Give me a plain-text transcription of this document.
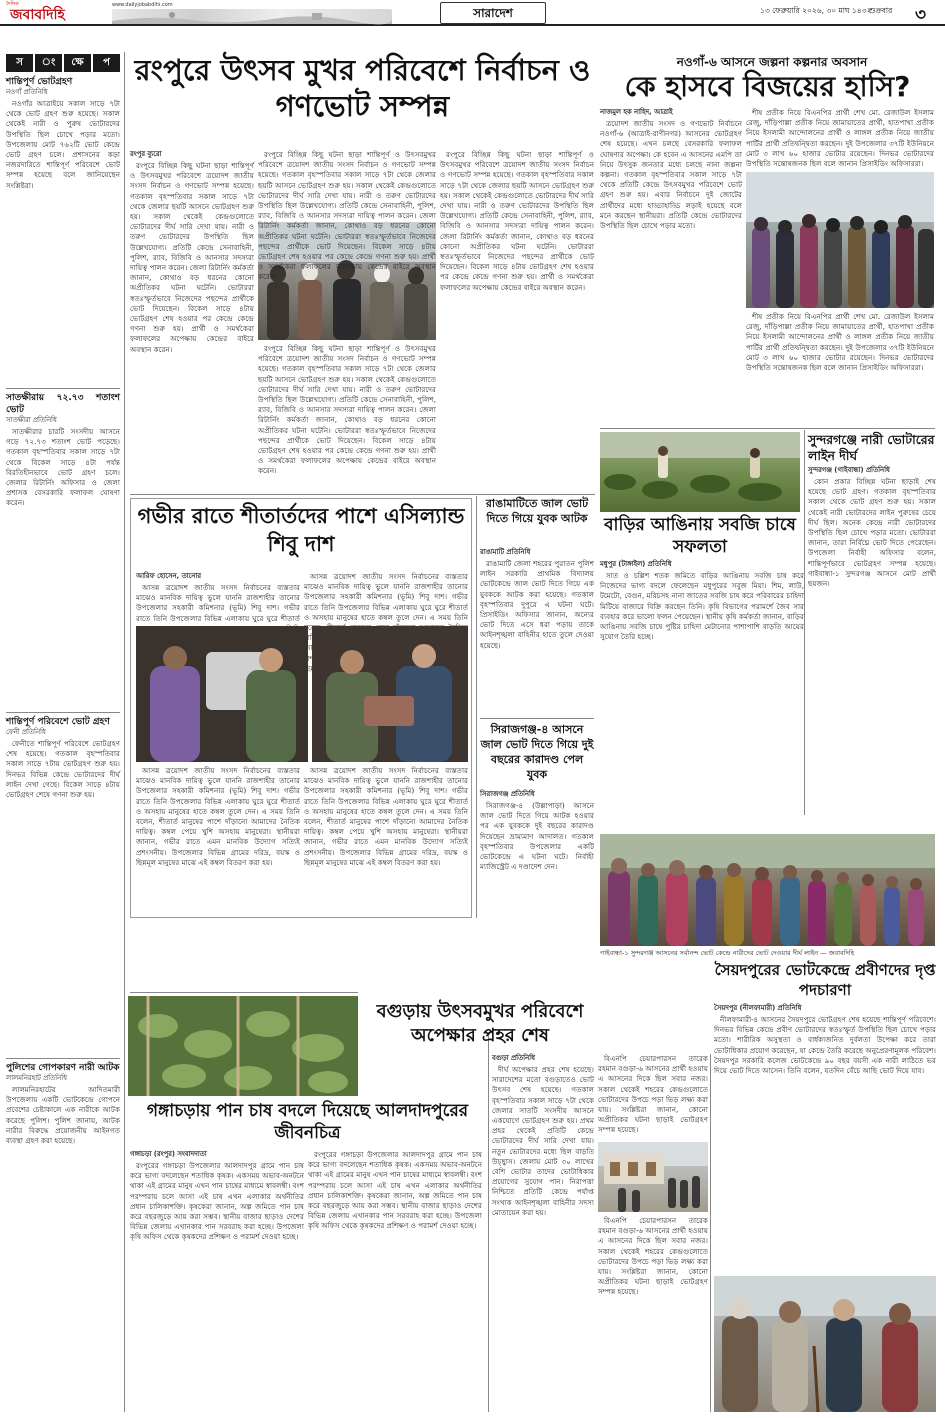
দৈনিক
জবাবদিহি
www.dailyjobabdihi.com
সারাদেশ	১৩ ফেব্রুয়ারি ২০২৬, ৩০ মাঘ ১৪৩২
শুক্রবার ৩
স	ং	ক্ষে	প
শান্তিপূর্ণ ভোটগ্রহণ
নওগাঁ প্রতিনিধি

নওগাঁর আত্রাইয়ে সকাল সাড়ে ৭টা থেকে ভোট গ্রহণ শুরু হয়েছে। সকাল থেকেই নারী ও পুরুষ ভোটারদের উপস্থিতি ছিল চোখে পড়ার মতো। উপজেলায় মোট ৭৬২টি ভোট কেন্দ্রে ভোট গ্রহণ চলে। প্রশাসনের কড়া নজরদারিতে শান্তিপূর্ণ পরিবেশে ভোট সম্পন্ন হয়েছে বলে জানিয়েছেন সংশ্লিষ্টরা।

সাতক্ষীরায় ৭২.৭৩ শতাংশ ভোট
সাতক্ষীরা প্রতিনিধি

সাতক্ষীরার চারটি সংসদীয় আসনে গড়ে ৭২.৭৩ শতাংশ ভোট পড়েছে। গতকাল বৃহস্পতিবার সকাল সাড়ে ৭টা থেকে বিকেল সাড়ে ৪টা পর্যন্ত বিরতিহীনভাবে ভোট গ্রহণ চলে। জেলার রিটার্নিং অফিসার ও জেলা প্রশাসক বেসরকারি ফলাফল ঘোষণা করেন।

শান্তিপূর্ণ পরিবেশে ভোট গ্রহণ
ফেনী প্রতিনিধি

ফেনীতে শান্তিপূর্ণ পরিবেশে ভোটগ্রহণ শেষ হয়েছে। গতকাল বৃহস্পতিবার সকাল সাড়ে ৭টায় ভোটগ্রহণ শুরু হয়। দিনভর বিভিন্ন কেন্দ্রে ভোটারদের দীর্ঘ লাইন দেখা গেছে। বিকেল সাড়ে ৪টায় ভোটগ্রহণ শেষে গণনা শুরু হয়।

পুলিশের গোপকারণ নারী আটক
লালমনিরহাট প্রতিনিধি

লালমনিরহাটের আদিতমারী উপজেলায় একটি ভোটকেন্দ্রে গোপনে প্রবেশের চেষ্টাকালে এক নারীকে আটক করেছে পুলিশ। পুলিশ জানায়, আটক নারীর বিরুদ্ধে প্রয়োজনীয় আইনগত ব্যবস্থা গ্রহণ করা হয়েছে।

রংপুরে উৎসব মুখর পরিবেশে নির্বাচন ও গণভোট সম্পন্ন
রংপুর ব্যুরো

রংপুরে বিচ্ছিন্ন কিছু ঘটনা ছাড়া শান্তিপূর্ণ ও উৎসবমুখর পরিবেশে ত্রয়োদশ জাতীয় সংসদ নির্বাচন ও গণভোট সম্পন্ন হয়েছে। গতকাল বৃহস্পতিবার সকাল সাড়ে ৭টা থেকে জেলার ছয়টি আসনে ভোটগ্রহণ শুরু হয়। সকাল থেকেই কেন্দ্রগুলোতে ভোটারদের দীর্ঘ সারি দেখা যায়। নারী ও তরুণ ভোটারদের উপস্থিতি ছিল উল্লেখযোগ্য। প্রতিটি কেন্দ্রে সেনাবাহিনী, পুলিশ, র‌্যাব, বিজিবি ও আনসার সদস্যরা দায়িত্ব পালন করেন। জেলা রিটার্নিং কর্মকর্তা জানান, কোথাও বড় ধরনের কোনো অপ্রীতিকর ঘটনা ঘটেনি। ভোটাররা স্বতঃস্ফূর্তভাবে নিজেদের পছন্দের প্রার্থীকে ভোট দিয়েছেন। বিকেল সাড়ে ৪টায় ভোটগ্রহণ শেষ হওয়ার পর কেন্দ্রে কেন্দ্রে গণনা শুরু হয়। প্রার্থী ও সমর্থকেরা ফলাফলের অপেক্ষায় কেন্দ্রের বাইরে অবস্থান করেন।

রংপুরে বিচ্ছিন্ন কিছু ঘটনা ছাড়া শান্তিপূর্ণ ও উৎসবমুখর পরিবেশে ত্রয়োদশ জাতীয় সংসদ নির্বাচন ও গণভোট সম্পন্ন হয়েছে। গতকাল বৃহস্পতিবার সকাল সাড়ে ৭টা থেকে জেলার ছয়টি আসনে ভোটগ্রহণ শুরু হয়। সকাল থেকেই কেন্দ্রগুলোতে ভোটারদের দীর্ঘ সারি দেখা যায়। নারী ও তরুণ ভোটারদের উপস্থিতি ছিল উল্লেখযোগ্য। প্রতিটি কেন্দ্রে সেনাবাহিনী, পুলিশ, র‌্যাব, বিজিবি ও আনসার সদস্যরা দায়িত্ব পালন করেন। জেলা রিটার্নিং কর্মকর্তা জানান, কোথাও বড় ধরনের কোনো অপ্রীতিকর ঘটনা ঘটেনি। ভোটাররা স্বতঃস্ফূর্তভাবে নিজেদের পছন্দের প্রার্থীকে ভোট দিয়েছেন। বিকেল সাড়ে ৪টায় ভোটগ্রহণ শেষ হওয়ার পর কেন্দ্রে কেন্দ্রে গণনা শুরু হয়। প্রার্থী ও সমর্থকেরা ফলাফলের অপেক্ষায় কেন্দ্রের বাইরে অবস্থান করেন।

রংপুরে বিচ্ছিন্ন কিছু ঘটনা ছাড়া শান্তিপূর্ণ ও উৎসবমুখর পরিবেশে ত্রয়োদশ জাতীয় সংসদ নির্বাচন ও গণভোট সম্পন্ন হয়েছে। গতকাল বৃহস্পতিবার সকাল সাড়ে ৭টা থেকে জেলার ছয়টি আসনে ভোটগ্রহণ শুরু হয়। সকাল থেকেই কেন্দ্রগুলোতে ভোটারদের দীর্ঘ সারি দেখা যায়। নারী ও তরুণ ভোটারদের উপস্থিতি ছিল উল্লেখযোগ্য। প্রতিটি কেন্দ্রে সেনাবাহিনী, পুলিশ, র‌্যাব, বিজিবি ও আনসার সদস্যরা দায়িত্ব পালন করেন। জেলা রিটার্নিং কর্মকর্তা জানান, কোথাও বড় ধরনের কোনো অপ্রীতিকর ঘটনা ঘটেনি। ভোটাররা স্বতঃস্ফূর্তভাবে নিজেদের পছন্দের প্রার্থীকে ভোট দিয়েছেন। বিকেল সাড়ে ৪টায় ভোটগ্রহণ শেষ হওয়ার পর কেন্দ্রে কেন্দ্রে গণনা শুরু হয়। প্রার্থী ও সমর্থকেরা ফলাফলের অপেক্ষায় কেন্দ্রের বাইরে অবস্থান করেন।

রংপুরে বিচ্ছিন্ন কিছু ঘটনা ছাড়া শান্তিপূর্ণ ও উৎসবমুখর পরিবেশে ত্রয়োদশ জাতীয় সংসদ নির্বাচন ও গণভোট সম্পন্ন হয়েছে। গতকাল বৃহস্পতিবার সকাল সাড়ে ৭টা থেকে জেলার ছয়টি আসনে ভোটগ্রহণ শুরু হয়। সকাল থেকেই কেন্দ্রগুলোতে ভোটারদের দীর্ঘ সারি দেখা যায়। নারী ও তরুণ ভোটারদের উপস্থিতি ছিল উল্লেখযোগ্য। প্রতিটি কেন্দ্রে সেনাবাহিনী, পুলিশ, র‌্যাব, বিজিবি ও আনসার সদস্যরা দায়িত্ব পালন করেন। জেলা রিটার্নিং কর্মকর্তা জানান, কোথাও বড় ধরনের কোনো অপ্রীতিকর ঘটনা ঘটেনি। ভোটাররা স্বতঃস্ফূর্তভাবে নিজেদের পছন্দের প্রার্থীকে ভোট দিয়েছেন। বিকেল সাড়ে ৪টায় ভোটগ্রহণ শেষ হওয়ার পর কেন্দ্রে কেন্দ্রে গণনা শুরু হয়। প্রার্থী ও সমর্থকেরা ফলাফলের অপেক্ষায় কেন্দ্রের বাইরে অবস্থান করেন।

নওগাঁ-৬ আসনে জল্পনা কল্পনার অবসান
কে হাসবে বিজয়ের হাসি?
নাজমুল হক নাহিদ, আত্রাই

ত্রয়োদশ জাতীয় সংসদ ও গণভোট নির্বাচনে নওগাঁ-৬ (আত্রাই-রাণীনগর) আসনের ভোটগ্রহণ শেষ হয়েছে। এখন চলছে বেসরকারি ফলাফল ঘোষণার অপেক্ষা। কে হবেন এ আসনের এমপি তা নিয়ে উৎসুক জনতার মধ্যে চলছে নানা জল্পনা কল্পনা। গতকাল বৃহস্পতিবার সকাল সাড়ে ৭টা থেকে প্রতিটি কেন্দ্রে উৎসবমুখর পরিবেশে ভোট গ্রহণ শুরু হয়। এবার নির্বাচনে দুই জোটের প্রার্থীদের মধ্যে হাড্ডাহাড্ডি লড়াই হয়েছে বলে মনে করছেন স্থানীয়রা। প্রতিটি কেন্দ্রে ভোটারদের উপস্থিতি ছিল চোখে পড়ার মতো।

শীষ প্রতীক নিয়ে বিএনপির প্রার্থী শেখ মো. রেজাউল ইসলাম রেজু, দাঁড়িপাল্লা প্রতীক নিয়ে জামায়াতের প্রার্থী, হাতপাখা প্রতীক নিয়ে ইসলামী আন্দোলনের প্রার্থী ও লাঙ্গল প্রতীক নিয়ে জাতীয় পার্টির প্রার্থী প্রতিদ্বন্দ্বিতা করছেন। দুই উপজেলার ৩৭টি ইউনিয়নে মোট ৩ লাখ ৬০ হাজার ভোটার রয়েছেন। দিনভর ভোটারদের উপস্থিতি সন্তোষজনক ছিল বলে জানান প্রিসাইডিং অফিসাররা।

শীষ প্রতীক নিয়ে বিএনপির প্রার্থী শেখ মো. রেজাউল ইসলাম রেজু, দাঁড়িপাল্লা প্রতীক নিয়ে জামায়াতের প্রার্থী, হাতপাখা প্রতীক নিয়ে ইসলামী আন্দোলনের প্রার্থী ও লাঙ্গল প্রতীক নিয়ে জাতীয় পার্টির প্রার্থী প্রতিদ্বন্দ্বিতা করছেন। দুই উপজেলার ৩৭টি ইউনিয়নে মোট ৩ লাখ ৬০ হাজার ভোটার রয়েছেন। দিনভর ভোটারদের উপস্থিতি সন্তোষজনক ছিল বলে জানান প্রিসাইডিং অফিসাররা।

সুন্দরগঞ্জে নারী ভোটারের লাইন দীর্ঘ
সুন্দরগঞ্জ (গাইবান্ধা) প্রতিনিধি

কোন প্রকার বিচ্ছিন্ন ঘটনা ছাড়াই শেষ হয়েছে ভোট গ্রহণ। গতকাল বৃহস্পতিবার সকাল থেকে ভোট গ্রহণ শুরু হয়। সকাল থেকেই নারী ভোটারদের লাইন পুরুষের চেয়ে দীর্ঘ ছিল। অনেক কেন্দ্রে নারী ভোটারদের উপস্থিতি ছিল চোখে পড়ার মতো। ভোটাররা জানান, তারা নির্বিঘ্নে ভোট দিতে পেরেছেন। উপজেলা নির্বাহী অফিসার বলেন, শান্তিপূর্ণভাবে ভোটগ্রহণ সম্পন্ন হয়েছে। গাইবান্ধা-১ সুন্দরগঞ্জ আসনে মোট প্রার্থী ছয়জন।

বাড়ির আঙিনায় সবজি চাষে সফলতা
মধুপুর (টাঙ্গাইল) প্রতিনিধি

সাত ও চল্লিশ শতক জমিতে বাড়ির আঙিনায় সবজি চাষ করে নিজেদের ভাগ্য বদলে ফেলেছেন মধুপুরের সবুজ মিয়া। শিম, লাউ, টমেটো, বেগুন, মরিচসহ নানা জাতের সবজি চাষ করে পরিবারের চাহিদা মিটিয়ে বাজারে বিক্রি করছেন তিনি। কৃষি বিভাগের পরামর্শে জৈব সার ব্যবহার করে ভালো ফলন পেয়েছেন। স্থানীয় কৃষি কর্মকর্তা জানান, বাড়ির আঙিনায় সবজি চাষে পুষ্টির চাহিদা মেটানোর পাশাপাশি বাড়তি আয়ের সুযোগ তৈরি হচ্ছে।

রাঙামাটিতে জাল ভোট দিতে গিয়ে যুবক আটক
রাঙামাটি প্রতিনিধি

রাঙামাটি জেলা শহরের পুরাতন পুলিশ লাইন সরকারি প্রাথমিক বিদ্যালয় ভোটকেন্দ্রে জাল ভোট দিতে গিয়ে এক যুবককে আটক করা হয়েছে। গতকাল বৃহস্পতিবার দুপুরে এ ঘটনা ঘটে। প্রিসাইডিং অফিসার জানান, অন্যের ভোট দিতে এসে ধরা পড়ায় তাকে আইনশৃঙ্খলা বাহিনীর হাতে তুলে দেওয়া হয়েছে।

সিরাজগঞ্জ-৪ আসনে জাল ভোট দিতে গিয়ে দুই বছরের কারাদণ্ড পেল যুবক
সিরাজগঞ্জ প্রতিনিধি

সিরাজগঞ্জ-৪ (উল্লাপাড়া) আসনে জাল ভোট দিতে গিয়ে আটক হওয়ার পর এক যুবককে দুই বছরের কারাদণ্ড দিয়েছেন ভ্রাম্যমাণ আদালত। গতকাল বৃহস্পতিবার উপজেলার একটি ভোটকেন্দ্রে এ ঘটনা ঘটে। নির্বাহী ম্যাজিস্ট্রেট এ দণ্ডাদেশ দেন।

গভীর রাতে শীতার্তদের পাশে এসিল্যান্ড শিবু দাশ
আরিফ হোসেন, তানোর

আসন্ন ত্রয়োদশ জাতীয় সংসদ নির্বাচনের ব্যস্ততার মাঝেও মানবিক দায়িত্ব ভুলে যাননি রাজশাহীর তানোর উপজেলার সহকারী কমিশনার (ভূমি) শিবু দাশ। গভীর রাতে তিনি উপজেলার বিভিন্ন এলাকায় ঘুরে ঘুরে শীতার্ত

আসন্ন ত্রয়োদশ জাতীয় সংসদ নির্বাচনের ব্যস্ততার মাঝেও মানবিক দায়িত্ব ভুলে যাননি রাজশাহীর তানোর উপজেলার সহকারী কমিশনার (ভূমি) শিবু দাশ। গভীর রাতে তিনি উপজেলার বিভিন্ন এলাকায় ঘুরে ঘুরে শীতার্ত ও অসহায় মানুষের হাতে কম্বল তুলে দেন। এ সময় তিনি

আসন্ন ত্রয়োদশ জাতীয় সংসদ নির্বাচনের ব্যস্ততার মাঝেও মানবিক দায়িত্ব ভুলে যাননি রাজশাহীর তানোর উপজেলার সহকারী কমিশনার (ভূমি) শিবু দাশ। গভীর রাতে তিনি উপজেলার বিভিন্ন এলাকায় ঘুরে ঘুরে শীতার্ত ও অসহায় মানুষের হাতে কম্বল তুলে দেন। এ সময় তিনি বলেন, শীতার্ত মানুষের পাশে দাঁড়ানো আমাদের নৈতিক দায়িত্ব। কম্বল পেয়ে খুশি অসহায় মানুষেরা। স্থানীয়রা জানান, গভীর রাতে এমন মানবিক উদ্যোগ সত্যিই প্রশংসনীয়। উপজেলার বিভিন্ন গ্রামের দরিদ্র, বয়স্ক ও ছিন্নমূল মানুষের মাঝে এই কম্বল বিতরণ করা হয়।

আসন্ন ত্রয়োদশ জাতীয় সংসদ নির্বাচনের ব্যস্ততার মাঝেও মানবিক দায়িত্ব ভুলে যাননি রাজশাহীর তানোর উপজেলার সহকারী কমিশনার (ভূমি) শিবু দাশ। গভীর রাতে তিনি উপজেলার বিভিন্ন এলাকায় ঘুরে ঘুরে শীতার্ত ও অসহায় মানুষের হাতে কম্বল তুলে দেন। এ সময় তিনি বলেন, শীতার্ত মানুষের পাশে দাঁড়ানো আমাদের নৈতিক দায়িত্ব। কম্বল পেয়ে খুশি অসহায় মানুষেরা। স্থানীয়রা জানান, গভীর রাতে এমন মানবিক উদ্যোগ সত্যিই প্রশংসনীয়। উপজেলার বিভিন্ন গ্রামের দরিদ্র, বয়স্ক ও ছিন্নমূল মানুষের মাঝে এই কম্বল বিতরণ করা হয়।

গাইবান্ধা-১ সুন্দরগঞ্জ আসনের সর্বানন্দ ভোট কেন্দ্রে নারীদের ভোট দেওয়ার দীর্ঘ লাইন — জবাবদিহি
গঙ্গাচড়ায় পান চাষ বদলে দিয়েছে আলদাদপুরের জীবনচিত্র
গঙ্গাচড়া (রংপুর) সংবাদদাতা

রংপুরের গঙ্গাচড়া উপজেলার আলদাদপুর গ্রামে পান চাষ করে ভাগ্য বদলেছেন শতাধিক কৃষক। একসময় অভাব-অনটনে থাকা এই গ্রামের মানুষ এখন পান চাষের মাধ্যমে স্বাবলম্বী। বংশ পরম্পরায় চলে আসা এই চাষ এখন এলাকার অর্থনীতির প্রধান চালিকাশক্তি। কৃষকেরা জানান, অল্প জমিতে পান চাষ করে বছরজুড়ে আয় করা সম্ভব। স্থানীয় বাজার ছাড়াও দেশের বিভিন্ন জেলায় এখানকার পান সরবরাহ করা হচ্ছে। উপজেলা কৃষি অফিস থেকে কৃষকদের প্রশিক্ষণ ও পরামর্শ দেওয়া হচ্ছে।

রংপুরের গঙ্গাচড়া উপজেলার আলদাদপুর গ্রামে পান চাষ করে ভাগ্য বদলেছেন শতাধিক কৃষক। একসময় অভাব-অনটনে থাকা এই গ্রামের মানুষ এখন পান চাষের মাধ্যমে স্বাবলম্বী। বংশ পরম্পরায় চলে আসা এই চাষ এখন এলাকার অর্থনীতির প্রধান চালিকাশক্তি। কৃষকেরা জানান, অল্প জমিতে পান চাষ করে বছরজুড়ে আয় করা সম্ভব। স্থানীয় বাজার ছাড়াও দেশের বিভিন্ন জেলায় এখানকার পান সরবরাহ করা হচ্ছে। উপজেলা কৃষি অফিস থেকে কৃষকদের প্রশিক্ষণ ও পরামর্শ দেওয়া হচ্ছে।

বগুড়ায় উৎসবমুখর পরিবেশে অপেক্ষার প্রহর শেষ
বগুড়া প্রতিনিধি

দীর্ঘ অপেক্ষার প্রহর শেষ হয়েছে। সারাদেশের মতো বগুড়াতেও ভোট উৎসব শেষ হয়েছে। গতকাল বৃহস্পতিবার সকাল সাড়ে ৭টা থেকে জেলার সাতটি সংসদীয় আসনে একযোগে ভোটগ্রহণ শুরু হয়। প্রথম প্রহর থেকেই প্রতিটি কেন্দ্রে ভোটারদের দীর্ঘ সারি দেখা যায়। নতুন ভোটারদের মধ্যে ছিল বাড়তি উচ্ছ্বাস। জেলায় মোট ৩০ লাখের বেশি ভোটার তাদের ভোটাধিকার প্রয়োগের সুযোগ পান। নিরাপত্তা নিশ্চিতে প্রতিটি কেন্দ্রে পর্যাপ্ত সংখ্যক আইনশৃঙ্খলা বাহিনীর সদস্য মোতায়েন করা হয়।

বিএনপি চেয়ারপারসন তারেক রহমান বগুড়া-৬ আসনের প্রার্থী হওয়ায় এ আসনের দিকে ছিল সবার নজর। সকাল থেকেই শহরের কেন্দ্রগুলোতে ভোটারদের উপচে পড়া ভিড় লক্ষ্য করা যায়। সংশ্লিষ্টরা জানান, কোনো অপ্রীতিকর ঘটনা ছাড়াই ভোটগ্রহণ সম্পন্ন হয়েছে।

বিএনপি চেয়ারপারসন তারেক রহমান বগুড়া-৬ আসনের প্রার্থী হওয়ায় এ আসনের দিকে ছিল সবার নজর। সকাল থেকেই শহরের কেন্দ্রগুলোতে ভোটারদের উপচে পড়া ভিড় লক্ষ্য করা যায়। সংশ্লিষ্টরা জানান, কোনো অপ্রীতিকর ঘটনা ছাড়াই ভোটগ্রহণ সম্পন্ন হয়েছে।

সৈয়দপুরের ভোটকেন্দ্রে প্রবীণদের দৃপ্ত পদচারণা
সৈয়দপুর (নীলফামারী) প্রতিনিধি

নীলফামারী-৪ আসনের সৈয়দপুরে ভোটগ্রহণ শেষ হয়েছে শান্তিপূর্ণ পরিবেশে। দিনভর বিভিন্ন কেন্দ্রে প্রবীণ ভোটারদের স্বতঃস্ফূর্ত উপস্থিতি ছিল চোখে পড়ার মতো। শারীরিক অসুস্থতা ও বার্ধক্যজনিত দুর্বলতা উপেক্ষা করে তারা ভোটাধিকার প্রয়োগ করেছেন, যা কেন্দ্রে তৈরি করেছে অনুপ্রেরণামূলক পরিবেশ। সৈয়দপুর সরকারি কলেজ ভোটকেন্দ্রে ৯০ বছর বয়সী এক নারী লাঠিতে ভর দিয়ে ভোট দিতে আসেন। তিনি বলেন, যতদিন বেঁচে আছি ভোট দিয়ে যাব।
